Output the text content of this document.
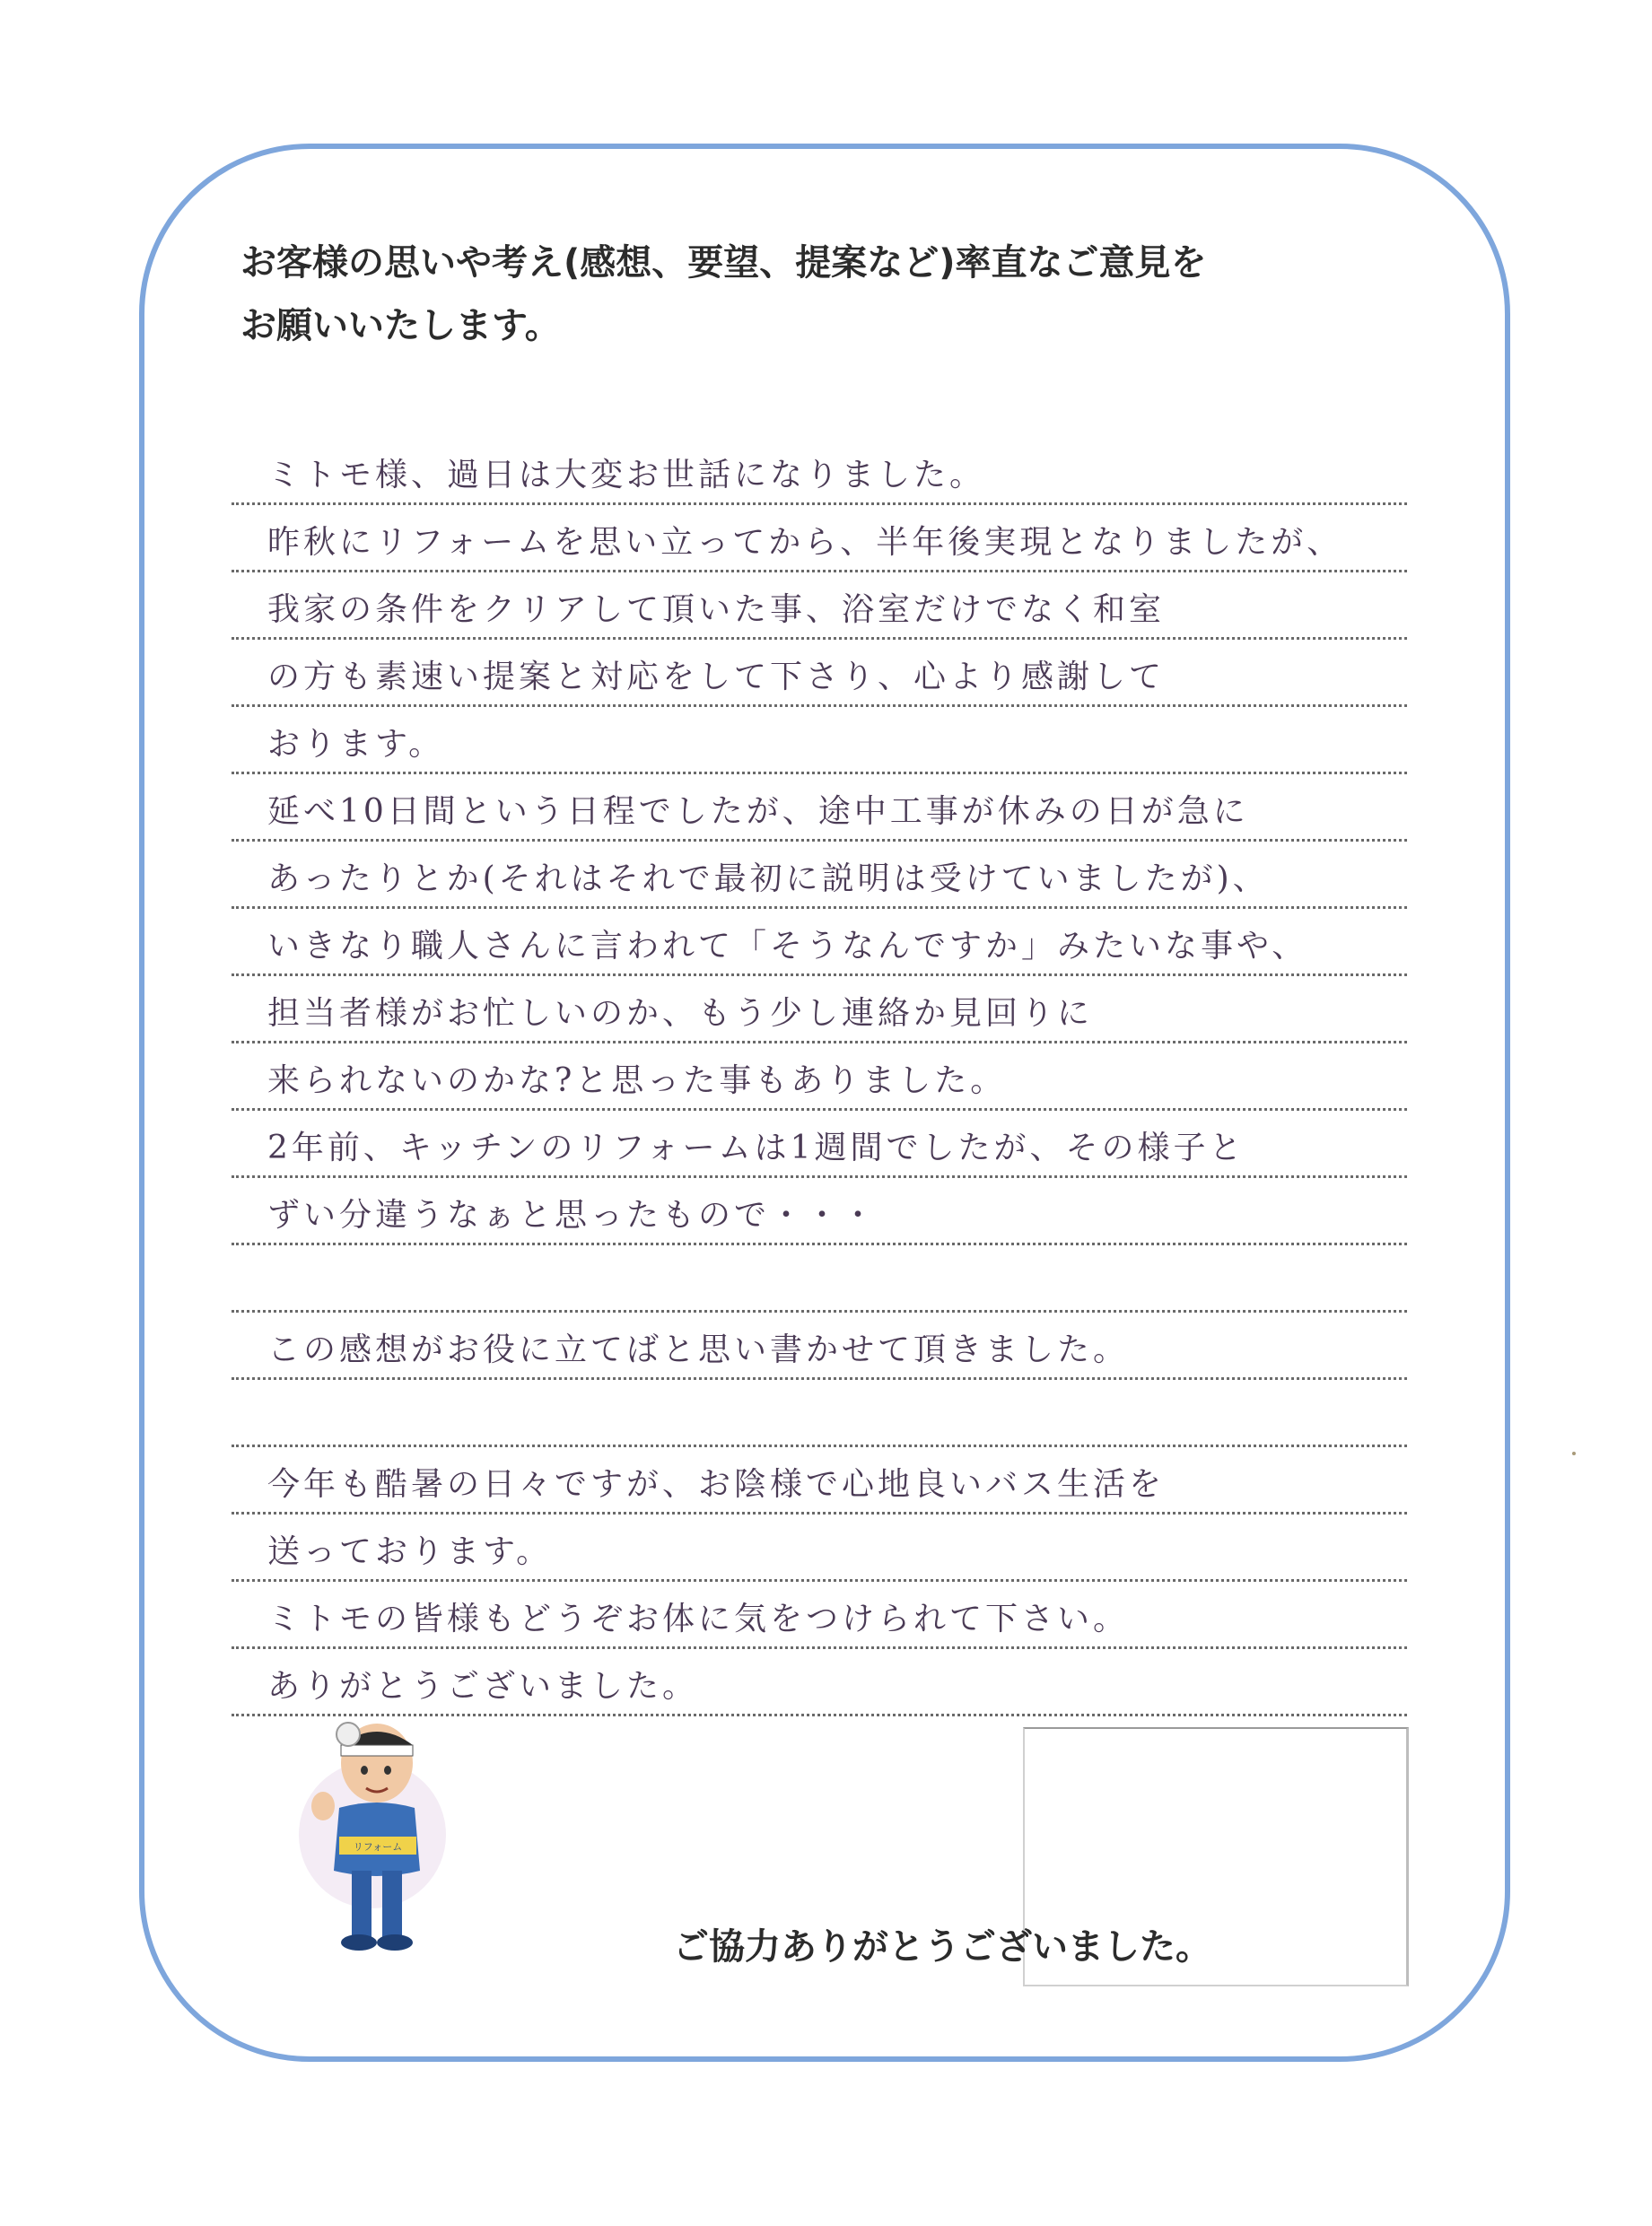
お客様の思いや考え(感想、要望、提案など)率直なご意見を
お願いいたします。
ミトモ様、過日は大変お世話になりました。
昨秋にリフォームを思い立ってから、半年後実現となりましたが、
我家の条件をクリアして頂いた事、浴室だけでなく和室
の方も素速い提案と対応をして下さり、心より感謝して
おります。
延べ10日間という日程でしたが、途中工事が休みの日が急に
あったりとか(それはそれで最初に説明は受けていましたが)、
いきなり職人さんに言われて「そうなんですか」みたいな事や、
担当者様がお忙しいのか、もう少し連絡か見回りに
来られないのかな?と思った事もありました。
2年前、キッチンのリフォームは1週間でしたが、その様子と
ずい分違うなぁと思ったもので・・・
この感想がお役に立てばと思い書かせて頂きました。
今年も酷暑の日々ですが、お陰様で心地良いバス生活を
送っております。
ミトモの皆様もどうぞお体に気をつけられて下さい。
ありがとうございました。
リフォーム
ご協力ありがとうございました。
